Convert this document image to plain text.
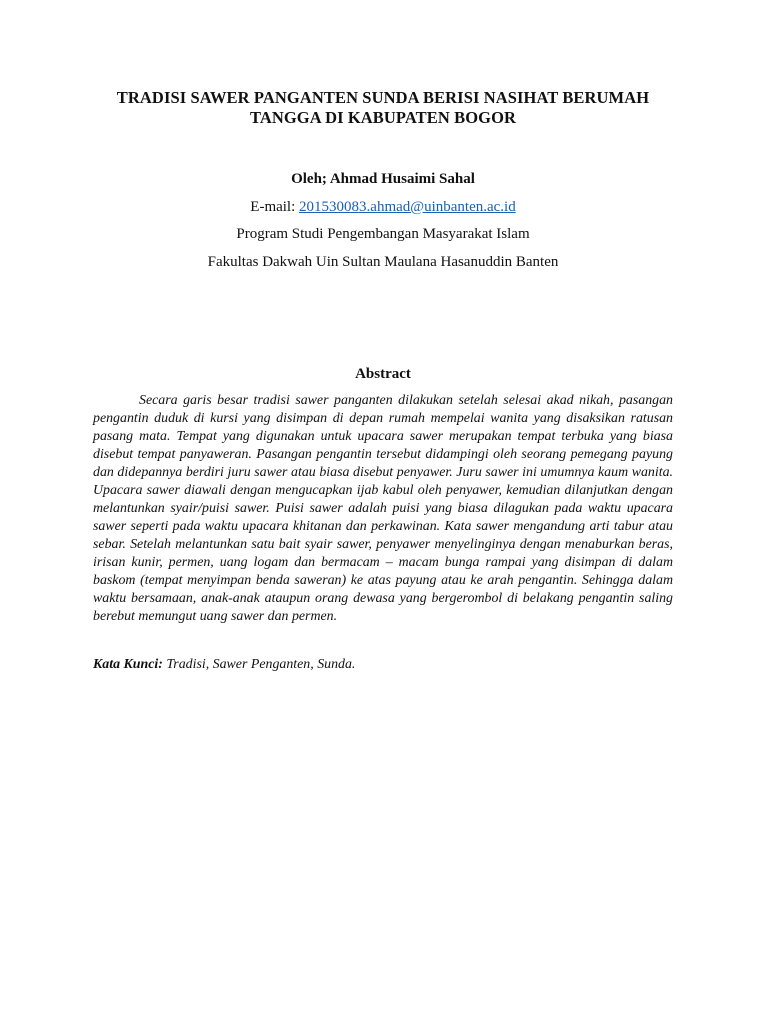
TRADISI SAWER PANGANTEN SUNDA BERISI NASIHAT BERUMAH TANGGA DI KABUPATEN BOGOR
Oleh; Ahmad Husaimi Sahal
E-mail: 201530083.ahmad@uinbanten.ac.id
Program Studi Pengembangan Masyarakat Islam
Fakultas Dakwah Uin Sultan Maulana Hasanuddin Banten
Abstract

Secara garis besar tradisi sawer panganten dilakukan setelah selesai akad nikah, pasangan pengantin duduk di kursi yang disimpan di depan rumah mempelai wanita yang disaksikan ratusan pasang mata. Tempat yang digunakan untuk upacara sawer merupakan tempat terbuka yang biasa disebut tempat panyaweran. Pasangan pengantin tersebut didampingi oleh seorang pemegang payung dan didepannya berdiri juru sawer atau biasa disebut penyawer. Juru sawer ini umumnya kaum wanita. Upacara sawer diawali dengan mengucapkan ijab kabul oleh penyawer, kemudian dilanjutkan dengan melantunkan syair/puisi sawer. Puisi sawer adalah puisi yang biasa dilagukan pada waktu upacara sawer seperti pada waktu upacara khitanan dan perkawinan. Kata sawer mengandung arti tabur atau sebar. Setelah melantunkan satu bait syair sawer, penyawer menyelinginya dengan menaburkan beras, irisan kunir, permen, uang logam dan bermacam – macam bunga rampai yang disimpan di dalam baskom (tempat menyimpan benda saweran) ke atas payung atau ke arah pengantin. Sehingga dalam waktu bersamaan, anak-anak ataupun orang dewasa yang bergerombol di belakang pengantin saling berebut memungut uang sawer dan permen.

Kata Kunci: Tradisi, Sawer Penganten, Sunda.
